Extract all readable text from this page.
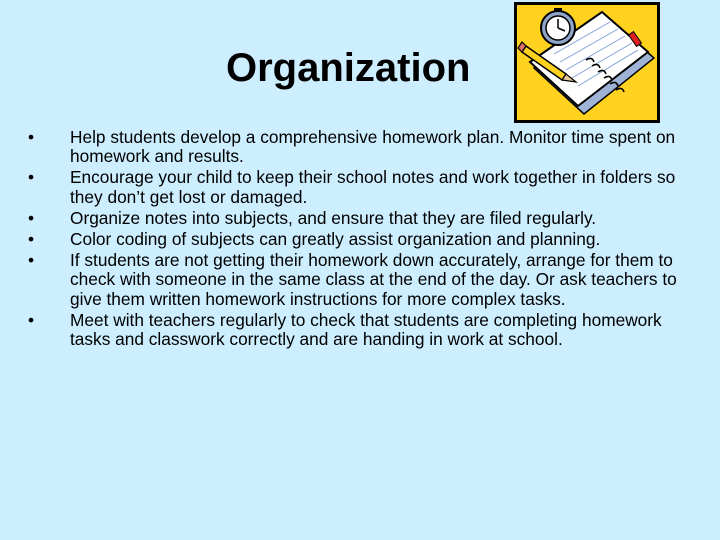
Organization
•	Help students develop a comprehensive homework plan. Monitor time spent on homework and results.
•	Encourage your child to keep their school notes and work together in folders so they don’t get lost or damaged.
•	Organize notes into subjects, and ensure that they are filed regularly.
•	Color coding of subjects can greatly assist organization and planning.
•	If students are not getting their homework down accurately, arrange for them to check with someone in the same class at the end of the day. Or ask teachers to give them written homework instructions for more complex tasks.
•	Meet with teachers regularly to check that students are completing homework tasks and classwork correctly and are handing in work at school.
